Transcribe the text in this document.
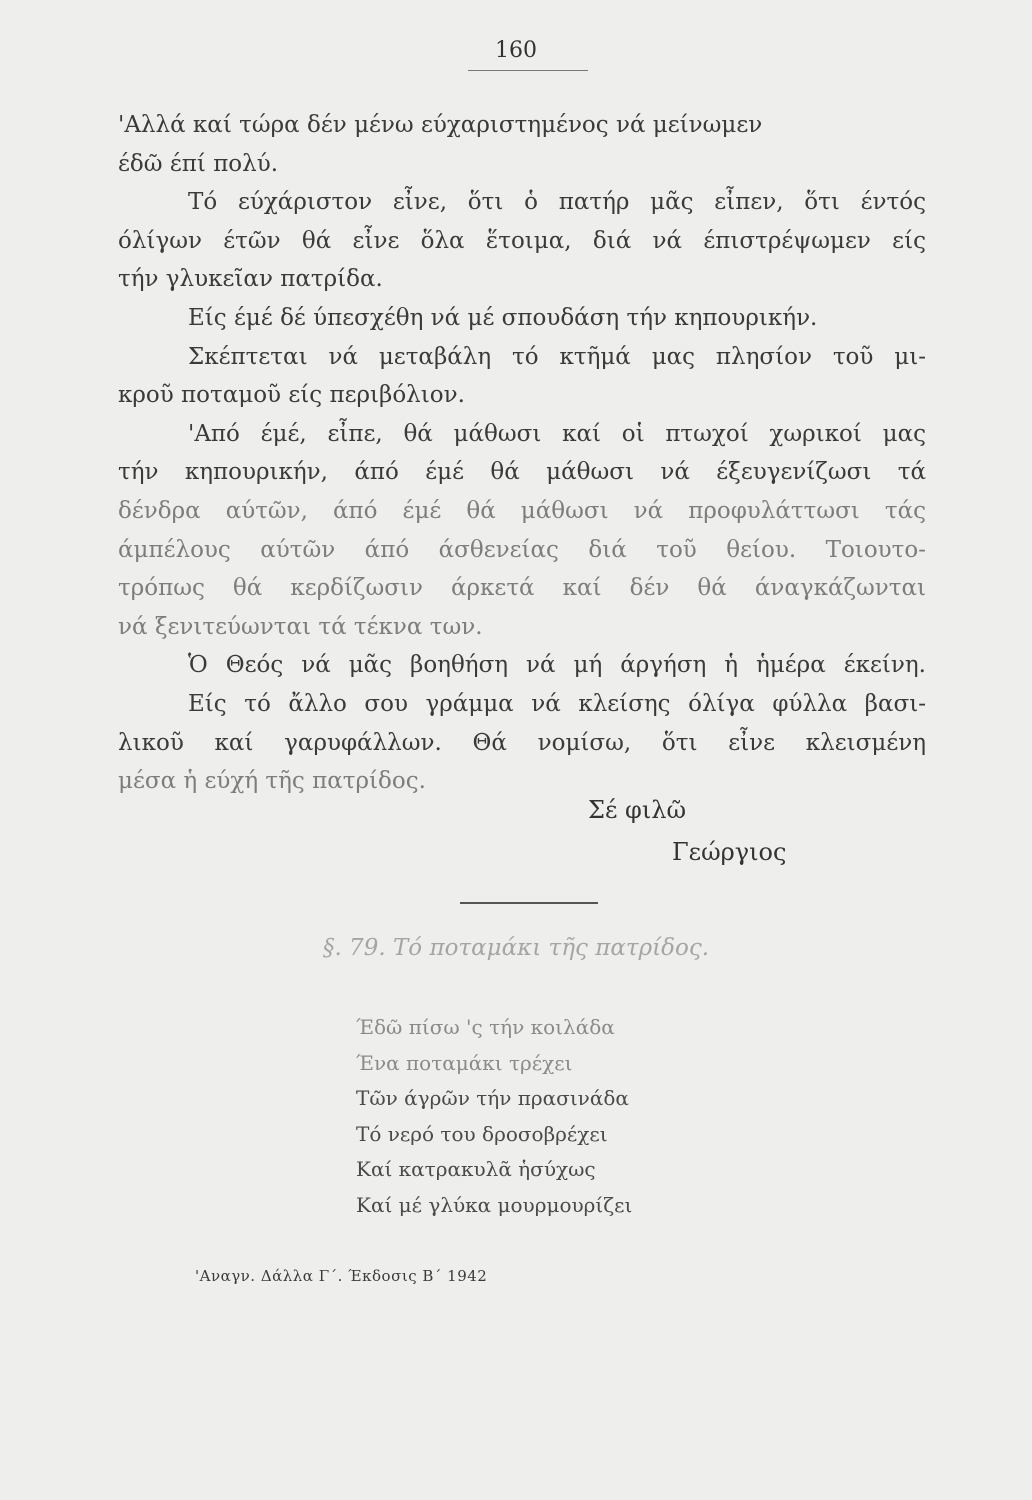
160
'Αλλά καί τώρα δέν μένω εύχαριστημένος νά μείνωμεν
έδῶ έπί πολύ.
Τό εύχάριστον εἶνε, ὅτι ὁ πατήρ μᾶς εἶπεν, ὅτι έντός
όλίγων έτῶν θά εἶνε ὅλα ἕτοιμα, διά νά έπιστρέψωμεν είς
τήν γλυκεῖαν πατρίδα.
Είς έμέ δέ ύπεσχέθη νά μέ σπουδάση τήν κηπουρικήν.
Σκέπτεται νά μεταβάλη τό κτῆμά μας πλησίον τοῦ μι-
κροῦ ποταμοῦ είς περιβόλιον.
'Από έμέ, εἶπε, θά μάθωσι καί οἱ πτωχοί χωρικοί μας
τήν κηπουρικήν, άπό έμέ θά μάθωσι νά έξευγενίζωσι τά
δένδρα αύτῶν, άπό έμέ θά μάθωσι νά προφυλάττωσι τάς
άμπέλους αύτῶν άπό άσθενείας διά τοῦ θείου. Τοιουτο-
τρόπως θά κερδίζωσιν άρκετά καί δέν θά άναγκάζωνται
νά ξενιτεύωνται τά τέκνα των.
Ὁ Θεός νά μᾶς βοηθήση νά μή άργήση ἡ ἡμέρα έκείνη.
Είς τό ἄλλο σου γράμμα νά κλείσης όλίγα φύλλα βασι-
λικοῦ καί γαρυφάλλων. Θά νομίσω, ὅτι εἶνε κλεισμένη
μέσα ἡ εύχή τῆς πατρίδος.
Σέ φιλῶ
Γεώργιος
§. 79. Τό ποταμάκι τῆς πατρίδος.
Έδῶ πίσω 'ς τήν κοιλάδα
Ένα ποταμάκι τρέχει
Τῶν άγρῶν τήν πρασινάδα
Τό νερό του δροσοβρέχει
Καί κατρακυλᾶ ἡσύχως
Καί μέ γλύκα μουρμουρίζει
'Αναγν. Δάλλα Γ΄. Έκδοσις Β΄ 1942
